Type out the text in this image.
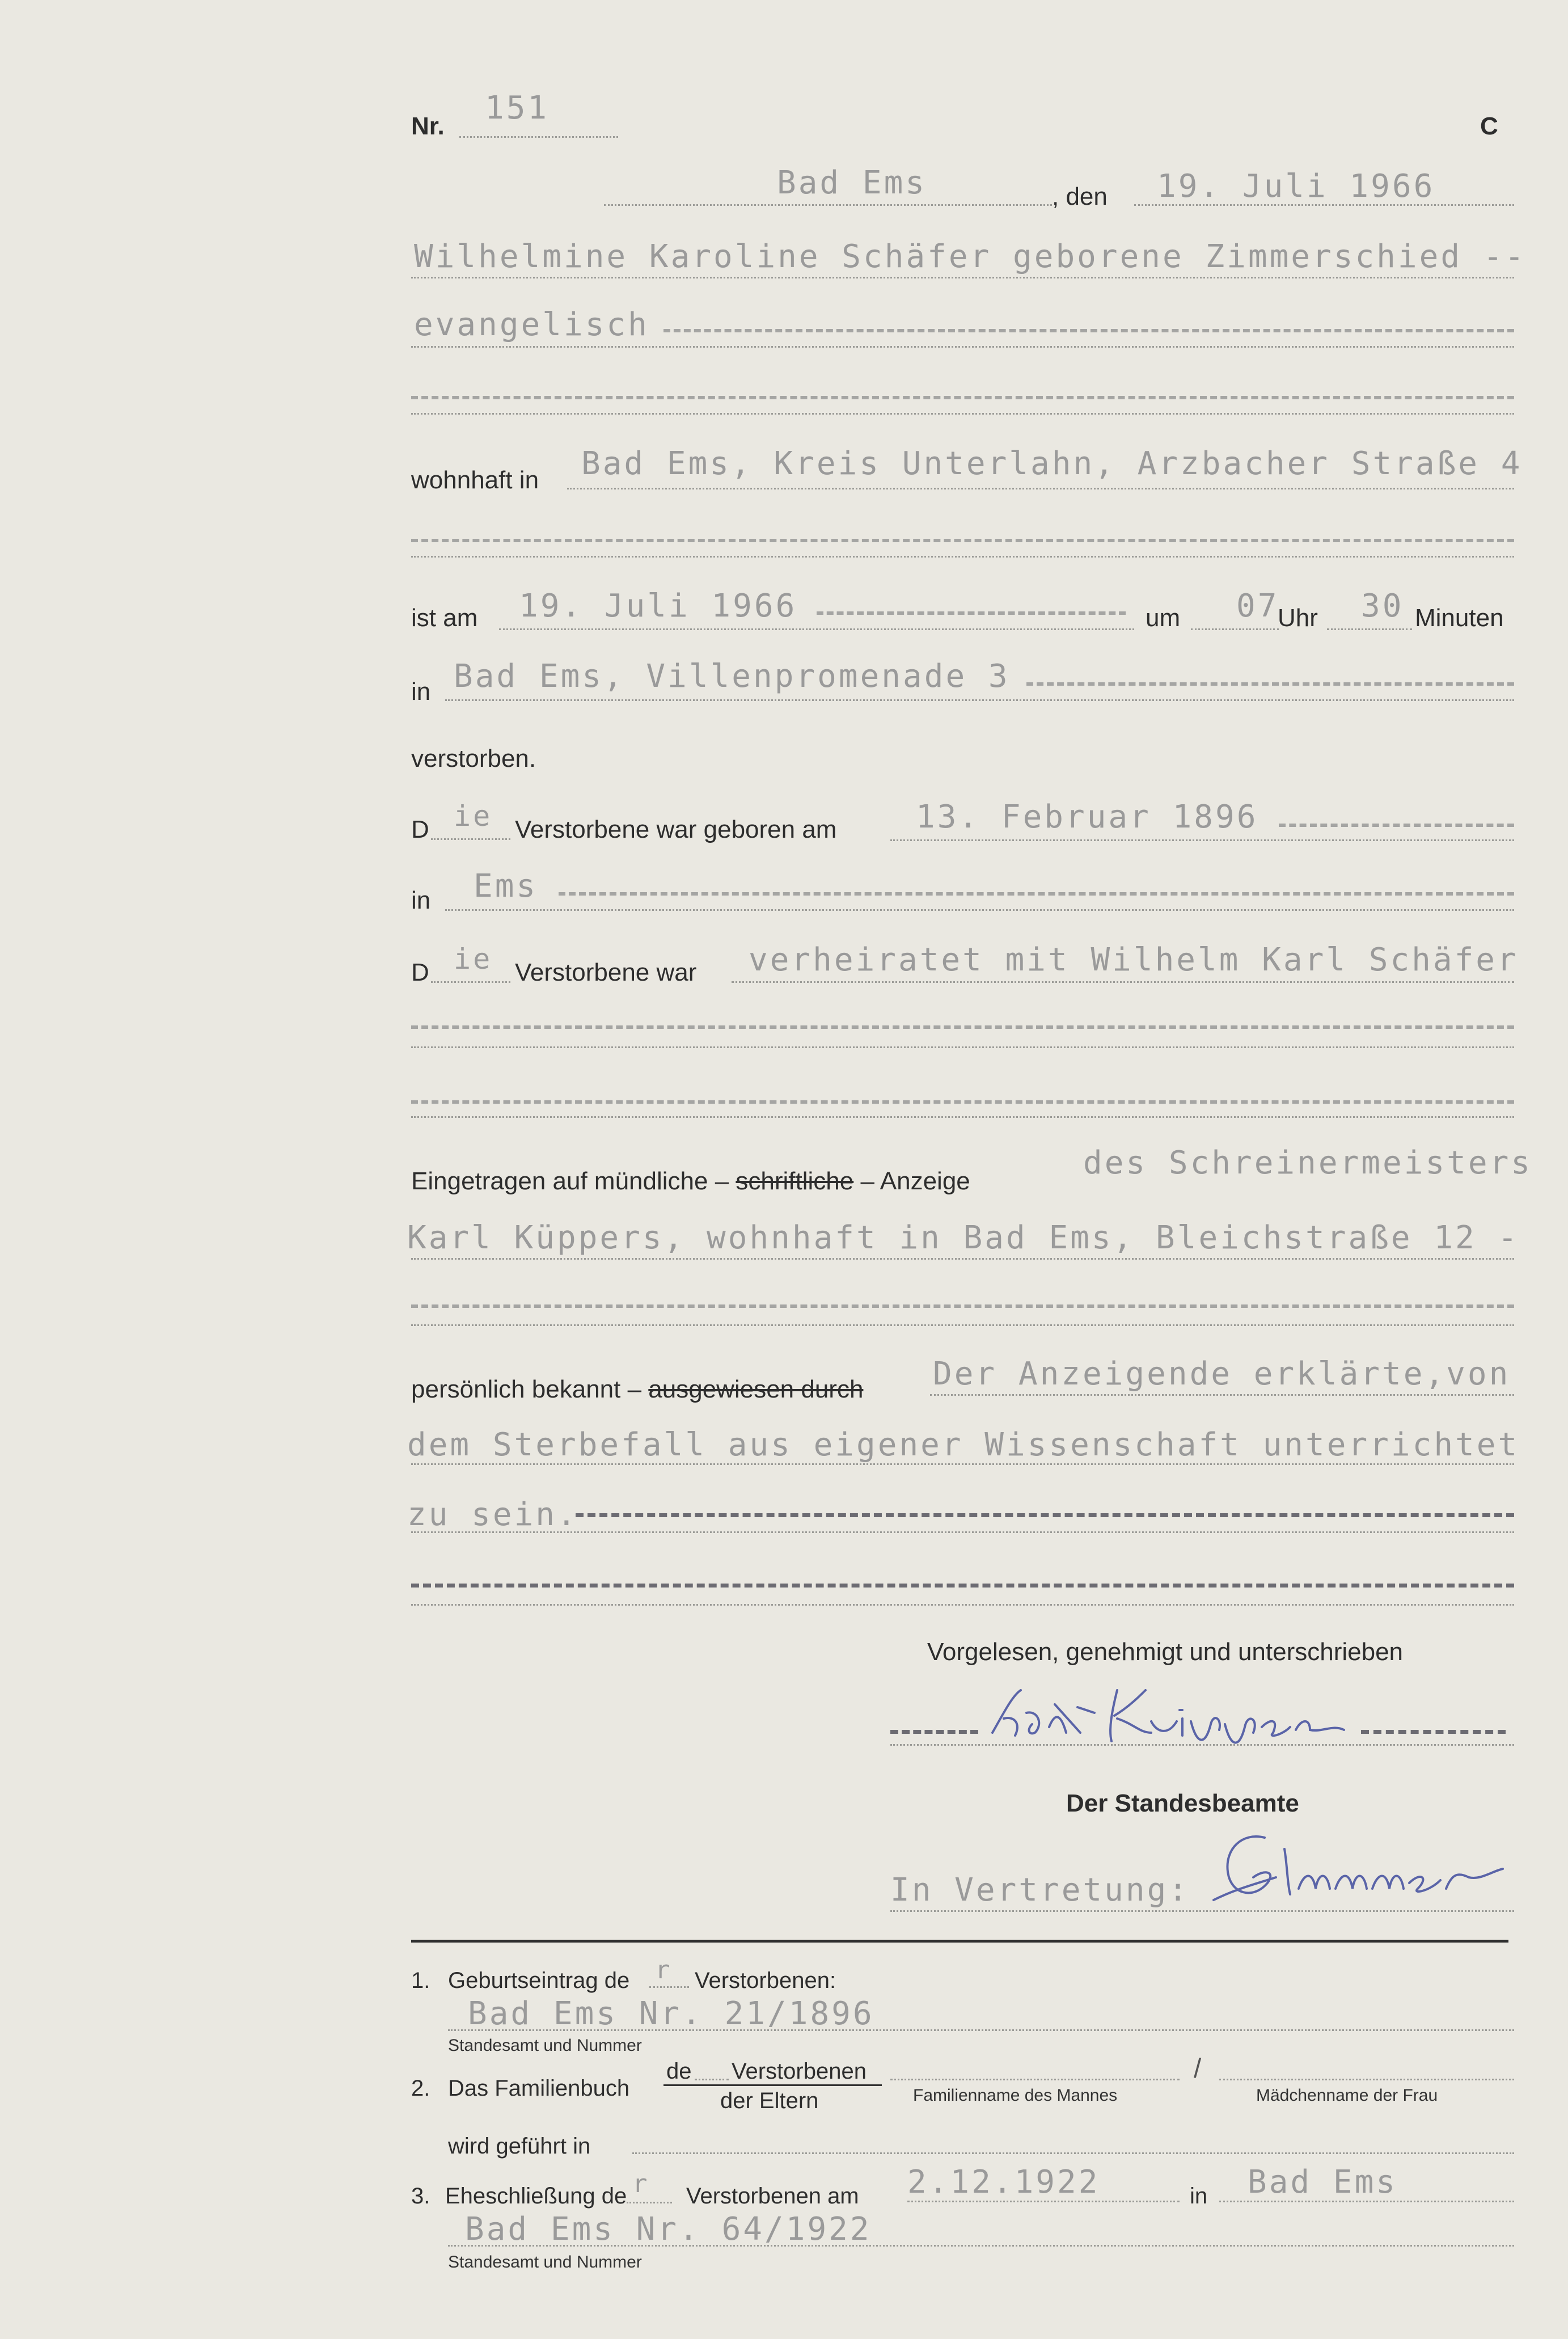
Nr. 151	C
Bad Ems	, den 19. Juli 1966
Wilhelmine Karoline Schäfer geborene Zimmerschied --
evangelisch
wohnhaft in Bad Ems, Kreis Unterlahn, Arzbacher Straße 4
ist am 19. Juli 1966	um 07
Uhr 30 Minuten
in Bad Ems, Villenpromenade 3
verstorben.
D ie Verstorbene war geboren am 13. Februar 1896
in Ems
D ie Verstorbene war verheiratet mit Wilhelm Karl Schäfer
Eingetragen auf mündliche – schriftliche – Anzeige	des Schreinermeisters
Karl Küppers, wohnhaft in Bad Ems, Bleichstraße 12 -
persönlich bekannt – ausgewiesen durch Der Anzeigende erklärte,von
dem Sterbefall aus eigener Wissenschaft unterrichtet
zu sein.
Vorgelesen, genehmigt und unterschrieben
Der Standesbeamte
In Vertretung:
1. Geburtseintrag de r Verstorbenen:
Bad Ems Nr. 21/1896
Standesamt und Nummer
2. Das Familienbuch
de Verstorbenen
der Eltern	Familienname des Mannes
/
Mädchenname der Frau
wird geführt in
3. Eheschließung de r Verstorbenen am 2.12.1922	in Bad Ems
Bad Ems Nr. 64/1922
Standesamt und Nummer
